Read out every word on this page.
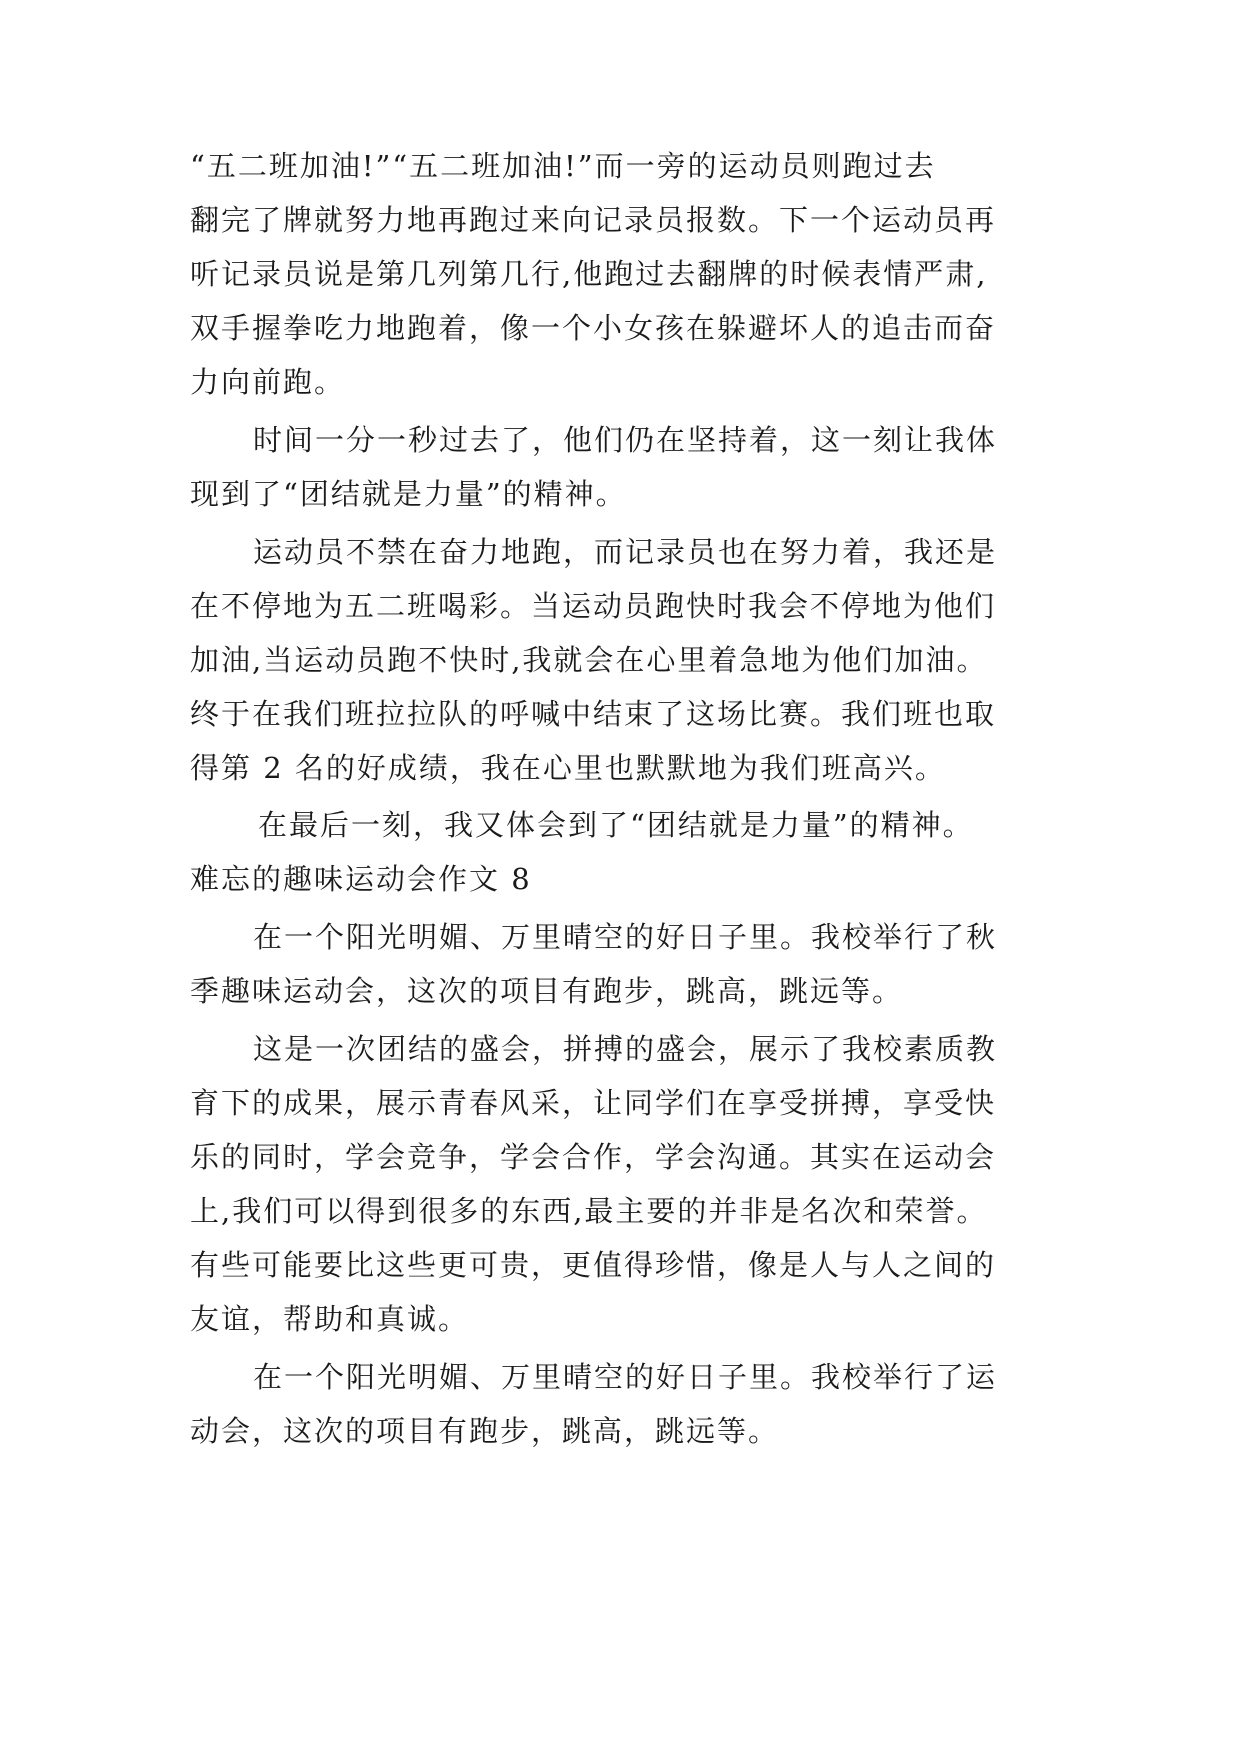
“五二班加油!”“五二班加油!”而一旁的运动员则跑过去
翻完了牌就努力地再跑过来向记录员报数。下一个运动员再
听记录员说是第几列第几行,他跑过去翻牌的时候表情严肃,
双手握拳吃力地跑着，像一个小女孩在躲避坏人的追击而奋
力向前跑。
时间一分一秒过去了，他们仍在坚持着，这一刻让我体
现到了“团结就是力量”的精神。
运动员不禁在奋力地跑，而记录员也在努力着，我还是
在不停地为五二班喝彩。当运动员跑快时我会不停地为他们
加油,当运动员跑不快时,我就会在心里着急地为他们加油。
终于在我们班拉拉队的呼喊中结束了这场比赛。我们班也取
得第 2 名的好成绩，我在心里也默默地为我们班高兴。
在最后一刻，我又体会到了“团结就是力量”的精神。
难忘的趣味运动会作文 8
在一个阳光明媚、万里晴空的好日子里。我校举行了秋
季趣味运动会，这次的项目有跑步，跳高，跳远等。
这是一次团结的盛会，拼搏的盛会，展示了我校素质教
育下的成果，展示青春风采，让同学们在享受拼搏，享受快
乐的同时，学会竞争，学会合作，学会沟通。其实在运动会
上,我们可以得到很多的东西,最主要的并非是名次和荣誉。
有些可能要比这些更可贵，更值得珍惜，像是人与人之间的
友谊，帮助和真诚。
在一个阳光明媚、万里晴空的好日子里。我校举行了运
动会，这次的项目有跑步，跳高，跳远等。
